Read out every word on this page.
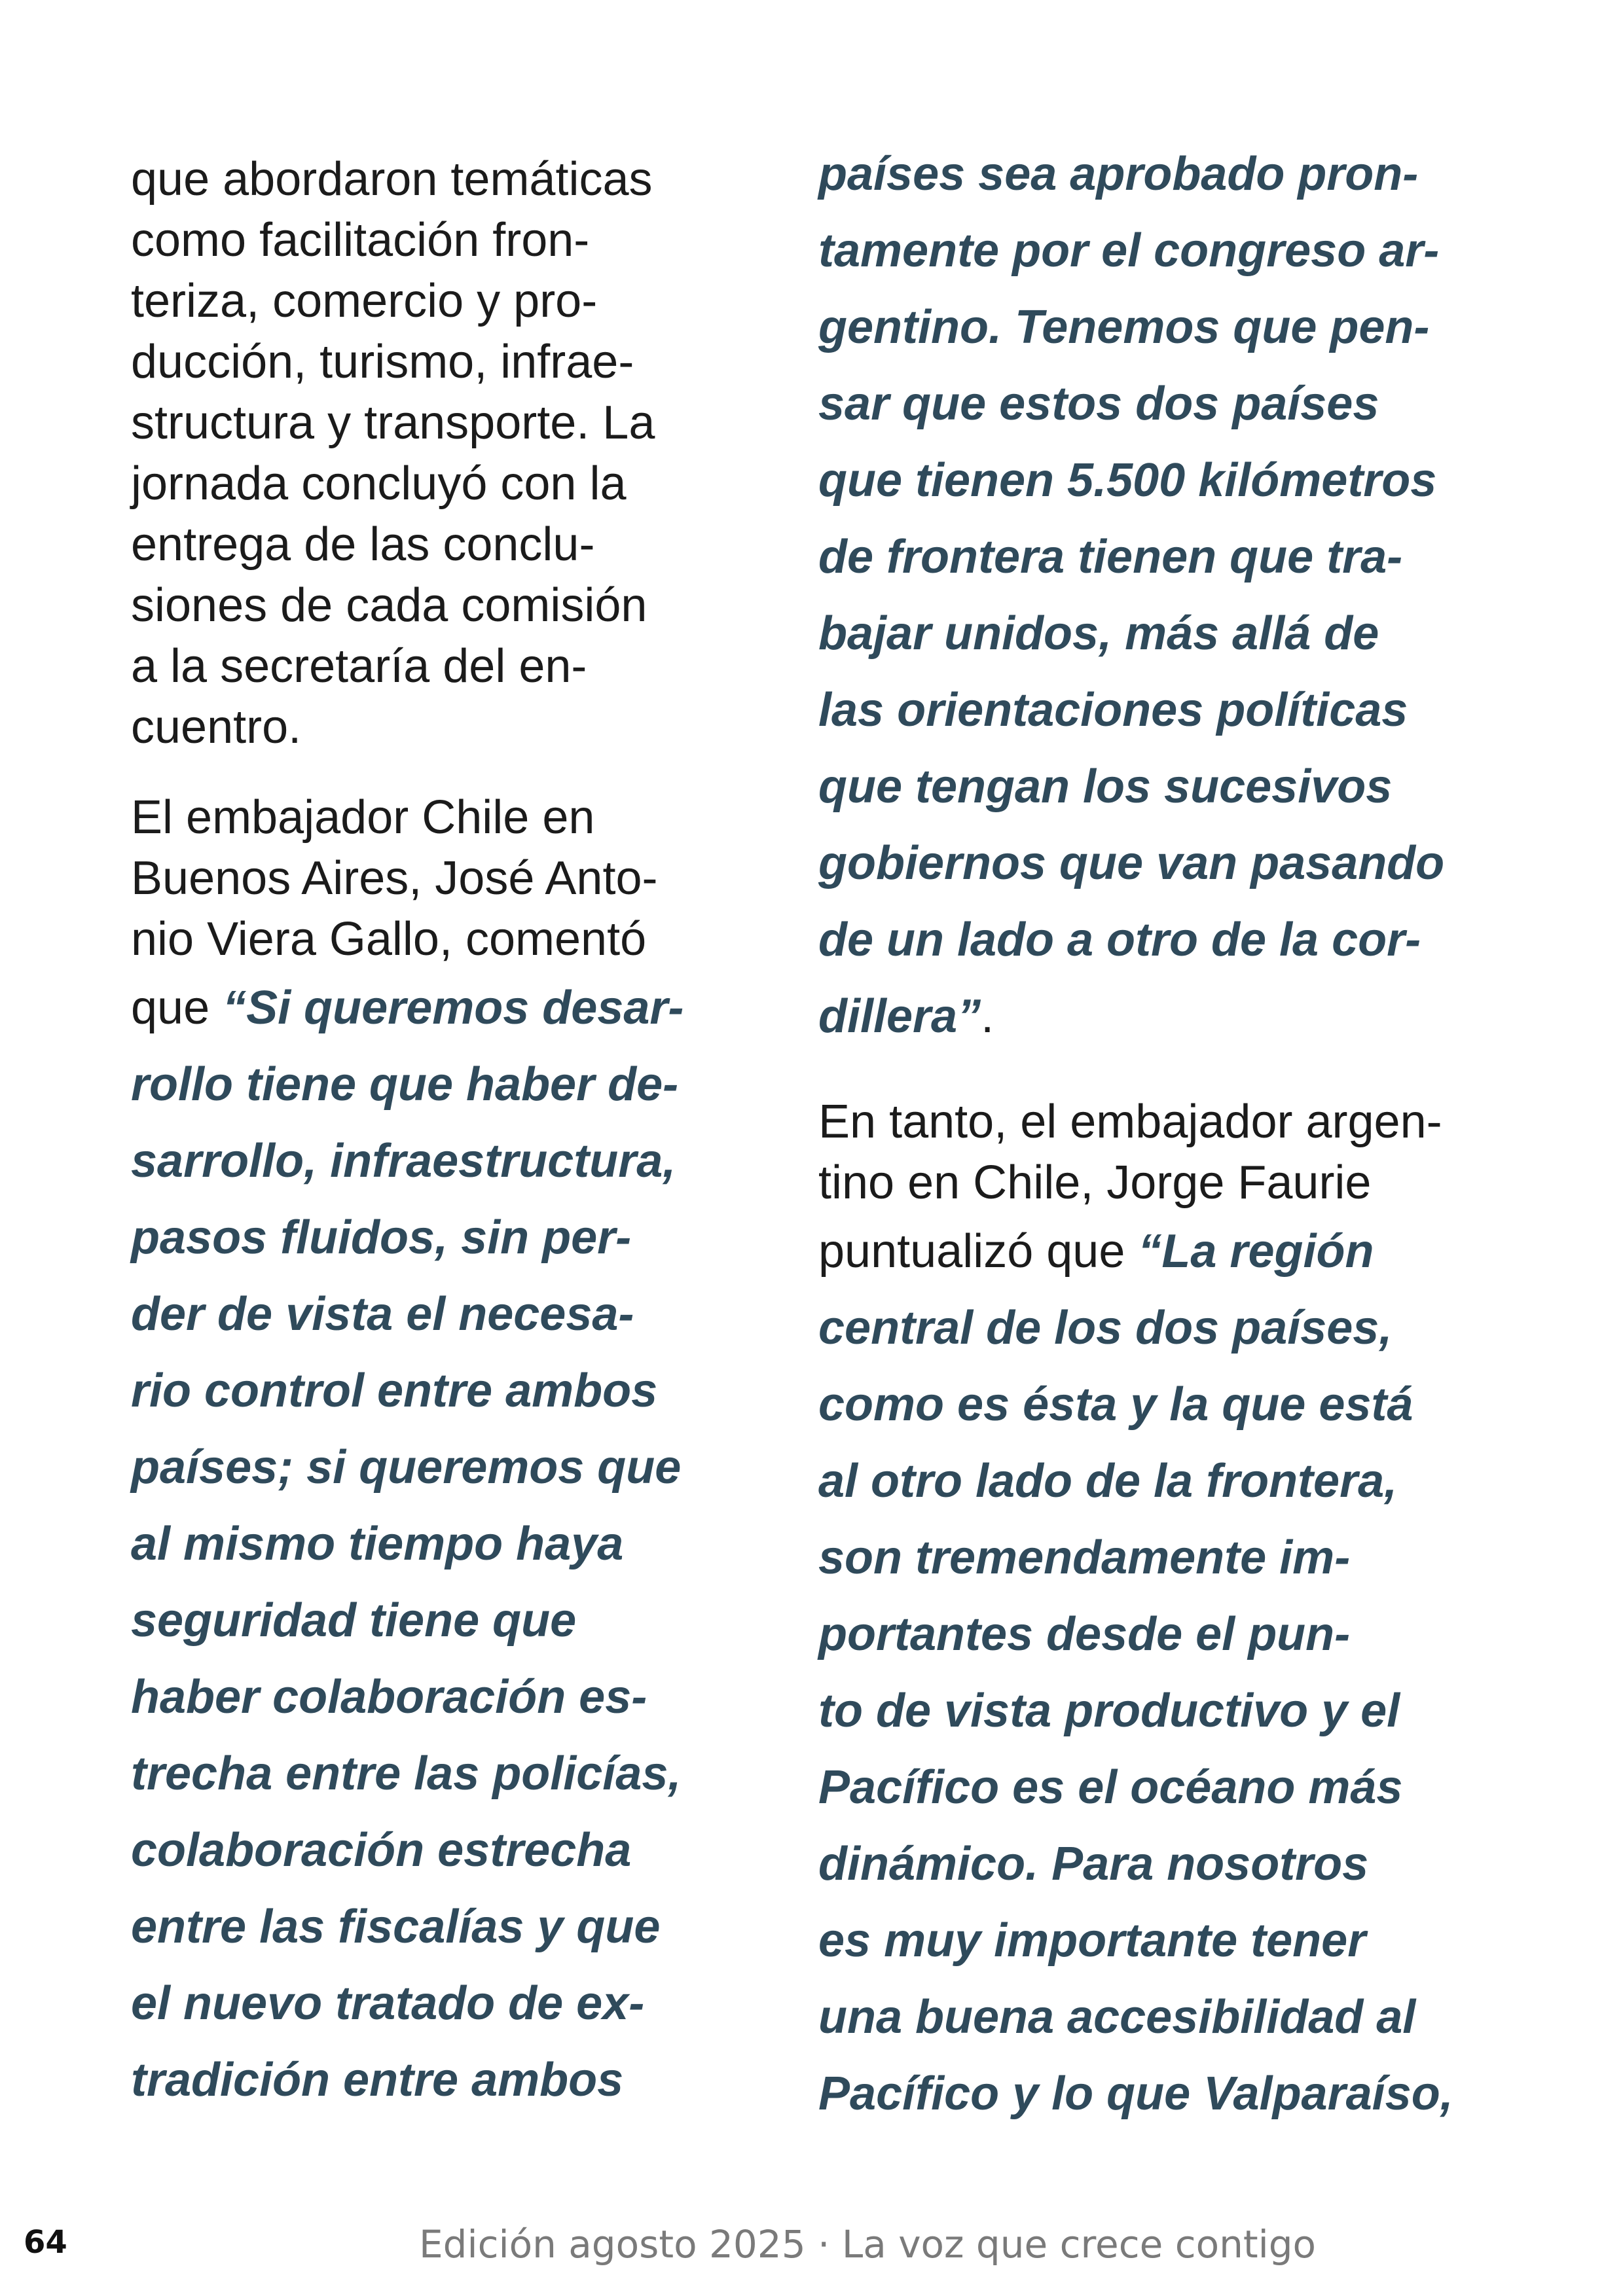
que abordaron temáticas
como facilitación fron-
teriza, comercio y pro-
ducción, turismo, infrae-
structura y transporte. La
jornada concluyó con la
entrega de las conclu-
siones de cada comisión
a la secretaría del en-
cuentro.
El embajador Chile en
Buenos Aires, José Anto-
nio Viera Gallo, comentó
que “Si queremos desar-
rollo tiene que haber de-
sarrollo, infraestructura,
pasos fluidos, sin per-
der de vista el necesa-
rio control entre ambos
países; si queremos que
al mismo tiempo haya
seguridad tiene que
haber colaboración es-
trecha entre las policías,
colaboración estrecha
entre las fiscalías y que
el nuevo tratado de ex-
tradición entre ambos
países sea aprobado pron-
tamente por el congreso ar-
gentino. Tenemos que pen-
sar que estos dos países
que tienen 5.500 kilómetros
de frontera tienen que tra-
bajar unidos, más allá de
las orientaciones políticas
que tengan los sucesivos
gobiernos que van pasando
de un lado a otro de la cor-
dillera”.
En tanto, el embajador argen-
tino en Chile, Jorge Faurie
puntualizó que “La región
central de los dos países,
como es ésta y la que está
al otro lado de la frontera,
son tremendamente im-
portantes desde el pun-
to de vista productivo y el
Pacífico es el océano más
dinámico. Para nosotros
es muy importante tener
una buena accesibilidad al
Pacífico y lo que Valparaíso,
64	Edición agosto 2025 · La voz que crece contigo
